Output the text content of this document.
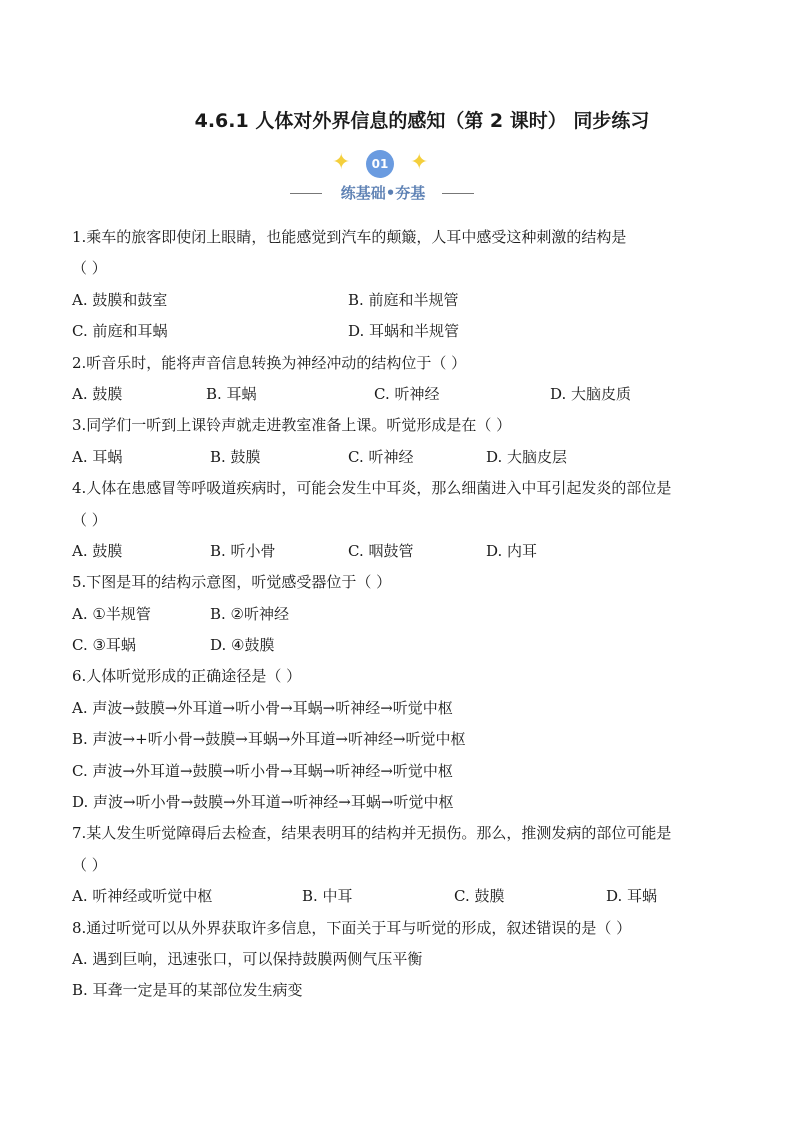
4.6.1 人体对外界信息的感知（第 2 课时） 同步练习
✦	01 ✦
练基础•夯基
1.乘车的旅客即使闭上眼睛，也能感觉到汽车的颠簸，人耳中感受这种刺激的结构是
（ ）
A. 鼓膜和鼓室	B. 前庭和半规管
C. 前庭和耳蜗	D. 耳蜗和半规管
2.听音乐时，能将声音信息转换为神经冲动的结构位于（ ）
A. 鼓膜	B. 耳蜗	C. 听神经	D. 大脑皮质
3.同学们一听到上课铃声就走进教室准备上课。听觉形成是在（ ）
A. 耳蜗	B. 鼓膜	C. 听神经	D. 大脑皮层
4.人体在患感冒等呼吸道疾病时，可能会发生中耳炎，那么细菌进入中耳引起发炎的部位是
（ ）
A. 鼓膜	B. 听小骨	C. 咽鼓管	D. 内耳
5.下图是耳的结构示意图，听觉感受器位于（ ）
A. ①半规管	B. ②听神经
C. ③耳蜗	D. ④鼓膜
6.人体听觉形成的正确途径是（ ）
A. 声波→鼓膜→外耳道→听小骨→耳蜗→听神经→听觉中枢
B. 声波→+听小骨→鼓膜→耳蜗→外耳道→听神经→听觉中枢
C. 声波→外耳道→鼓膜→听小骨→耳蜗→听神经→听觉中枢
D. 声波→听小骨→鼓膜→外耳道→听神经→耳蜗→听觉中枢
7.某人发生听觉障碍后去检查，结果表明耳的结构并无损伤。那么，推测发病的部位可能是
（ ）
A. 听神经或听觉中枢	B. 中耳	C. 鼓膜	D. 耳蜗
8.通过听觉可以从外界获取许多信息，下面关于耳与听觉的形成，叙述错误的是（ ）
A. 遇到巨响，迅速张口，可以保持鼓膜两侧气压平衡
B. 耳聋一定是耳的某部位发生病变
